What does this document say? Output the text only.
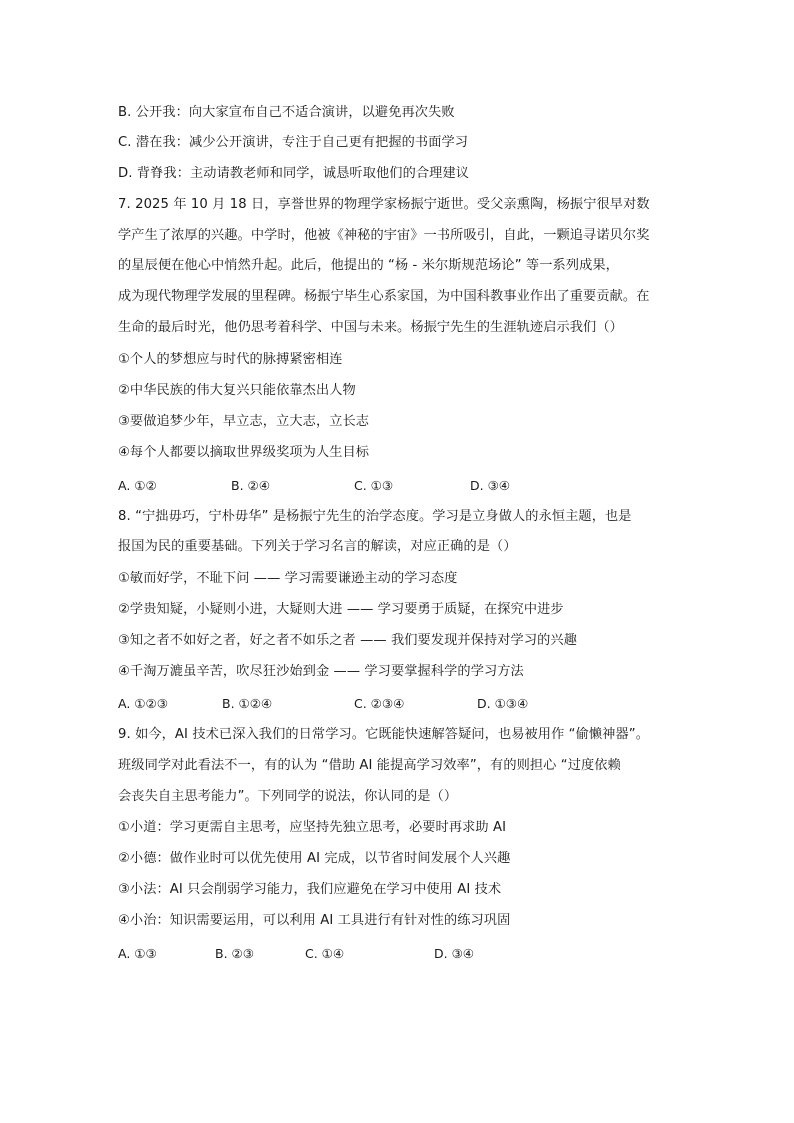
B. 公开我：向大家宣布自己不适合演讲，以避免再次失败
C. 潜在我：减少公开演讲，专注于自己更有把握的书面学习
D. 背脊我：主动请教老师和同学，诚恳听取他们的合理建议
7. 2025 年 10 月 18 日，享誉世界的物理学家杨振宁逝世。受父亲熏陶，杨振宁很早对数
学产生了浓厚的兴趣。中学时，他被《神秘的宇宙》一书所吸引，自此，一颗追寻诺贝尔奖
的星辰便在他心中悄然升起。此后，他提出的 “杨 - 米尔斯规范场论” 等一系列成果，
成为现代物理学发展的里程碑。杨振宁毕生心系家国，为中国科教事业作出了重要贡献。在
生命的最后时光，他仍思考着科学、中国与未来。杨振宁先生的生涯轨迹启示我们（）
①个人的梦想应与时代的脉搏紧密相连
②中华民族的伟大复兴只能依靠杰出人物
③要做追梦少年，早立志，立大志，立长志
④每个人都要以摘取世界级奖项为人生目标
A. ①②	B. ②④	C. ①③	D. ③④
8. “宁拙毋巧，宁朴毋华” 是杨振宁先生的治学态度。学习是立身做人的永恒主题，也是
报国为民的重要基础。下列关于学习名言的解读，对应正确的是（）
①敏而好学，不耻下问 —— 学习需要谦逊主动的学习态度
②学贵知疑，小疑则小进，大疑则大进 —— 学习要勇于质疑，在探究中进步
③知之者不如好之者，好之者不如乐之者 —— 我们要发现并保持对学习的兴趣
④千淘万漉虽辛苦，吹尽狂沙始到金 —— 学习要掌握科学的学习方法
A. ①②③	B. ①②④	C. ②③④	D. ①③④
9. 如今，AI 技术已深入我们的日常学习。它既能快速解答疑问，也易被用作 “偷懒神器”。
班级同学对此看法不一，有的认为 “借助 AI 能提高学习效率”，有的则担心 “过度依赖
会丧失自主思考能力”。下列同学的说法，你认同的是（）
①小道：学习更需自主思考，应坚持先独立思考，必要时再求助 AI
②小德：做作业时可以优先使用 AI 完成，以节省时间发展个人兴趣
③小法：AI 只会削弱学习能力，我们应避免在学习中使用 AI 技术
④小治：知识需要运用，可以利用 AI 工具进行有针对性的练习巩固
A. ①③	B. ②③	C. ①④	D. ③④
